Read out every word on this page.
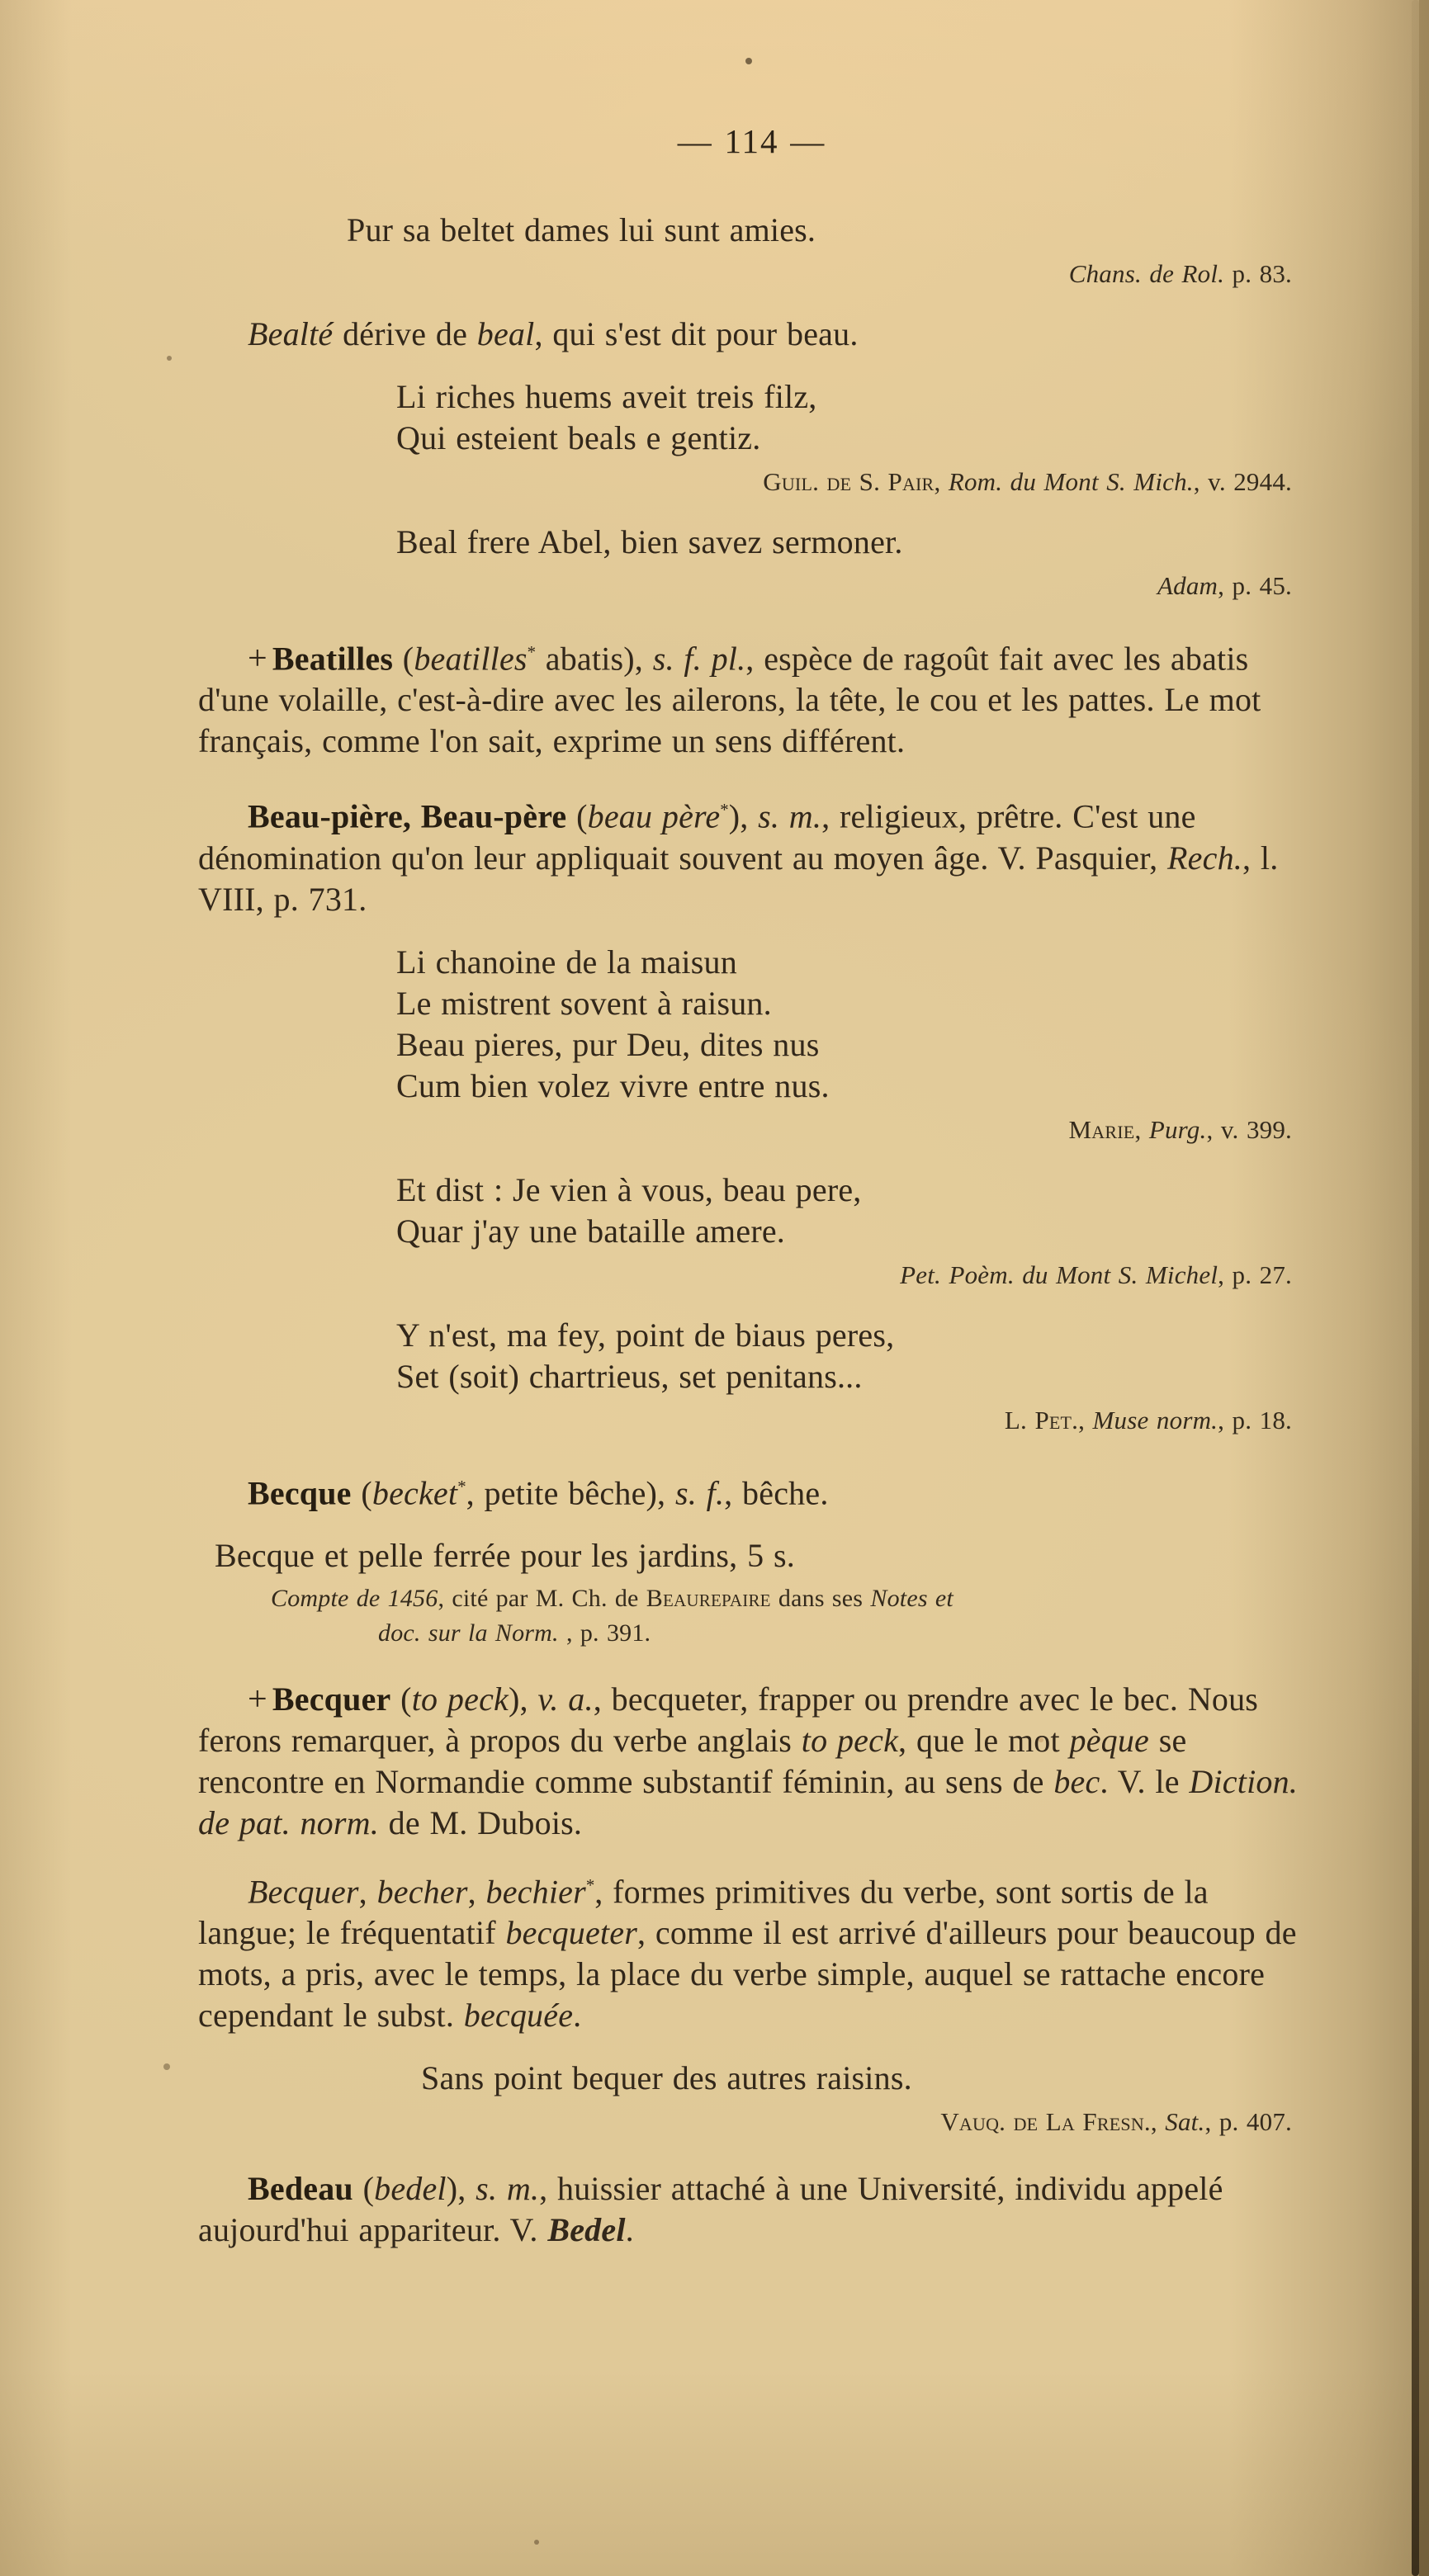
— 114 —
Pur sa beltet dames lui sunt amies.
Chans. de Rol. p. 83.
Bealté dérive de beal, qui s'est dit pour beau.
Li riches huems aveit treis filz,
Qui esteient beals e gentiz.
Guil. de S. Pair, Rom. du Mont S. Mich., v. 2944.
Beal frere Abel, bien savez sermoner.
Adam, p. 45.
+ Beatilles (beatilles* abatis), s. f. pl., espèce de ragoût fait avec les abatis d'une volaille, c'est-à-dire avec les ailerons, la tête, le cou et les pattes. Le mot français, comme l'on sait, exprime un sens différent.
Beau-pière, Beau-père (beau père*), s. m., religieux, prêtre. C'est une dénomination qu'on leur appliquait souvent au moyen âge. V. Pasquier, Rech., l. VIII, p. 731.
Li chanoine de la maisun
Le mistrent sovent à raisun.
Beau pieres, pur Deu, dites nus
Cum bien volez vivre entre nus.
Marie, Purg., v. 399.
Et dist : Je vien à vous, beau pere,
Quar j'ay une bataille amere.
Pet. Poèm. du Mont S. Michel, p. 27.
Y n'est, ma fey, point de biaus peres,
Set (soit) chartrieus, set penitans...
L. Pet., Muse norm., p. 18.
Becque (becket*, petite bêche), s. f., bêche.
Becque et pelle ferrée pour les jardins, 5 s.
Compte de 1456, cité par M. Ch. de Beaurepaire dans ses Notes et
doc. sur la Norm. , p. 391.
+ Becquer (to peck), v. a., becqueter, frapper ou prendre avec le bec. Nous ferons remarquer, à propos du verbe anglais to peck, que le mot pèque se rencontre en Normandie comme substantif féminin, au sens de bec. V. le Diction. de pat. norm. de M. Dubois.
Becquer, becher, bechier*, formes primitives du verbe, sont sortis de la langue; le fréquentatif becqueter, comme il est arrivé d'ailleurs pour beaucoup de mots, a pris, avec le temps, la place du verbe simple, auquel se rattache encore cependant le subst. becquée.
Sans point bequer des autres raisins.
Vauq. de La Fresn., Sat., p. 407.
Bedeau (bedel), s. m., huissier attaché à une Université, individu appelé aujourd'hui appariteur. V. Bedel.
